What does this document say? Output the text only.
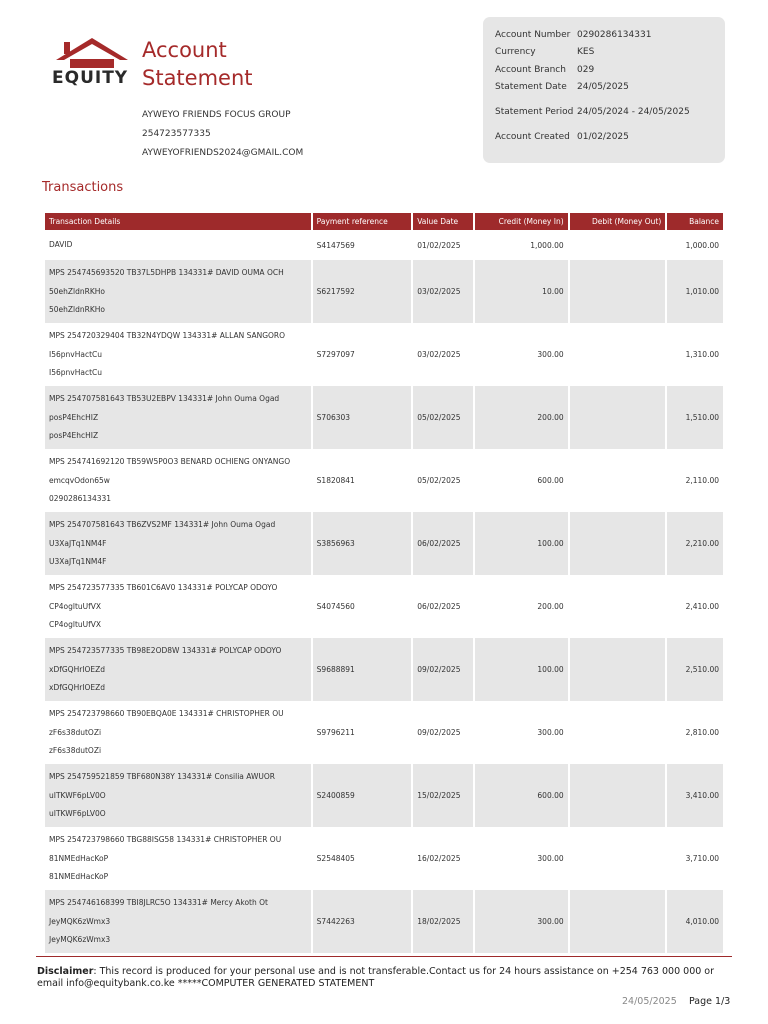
EQUITY
Account
Statement
AYWEYO FRIENDS FOCUS GROUP
254723577335
AYWEYOFRIENDS2024@GMAIL.COM
Account Number 0290286134331
Currency	KES
Account Branch	029
Statement Date	24/05/2025
Statement Period 24/05/2024 - 24/05/2025
Account Created 01/02/2025
Transactions
Transaction Details	Payment reference	Value Date	Credit (Money In)	Debit (Money Out)	Balance

DAVID	S4147569	01/02/2025	1,000.00		1,000.00

MPS 254745693520 TB37L5DHPB 134331# DAVID OUMA OCH
50ehZldnRKHo
50ehZldnRKHo	S6217592	03/02/2025	10.00		1,010.00

MPS 254720329404 TB32N4YDQW 134331# ALLAN SANGORO
I56pnvHactCu
I56pnvHactCu	S7297097	03/02/2025	300.00		1,310.00

MPS 254707581643 TB53U2EBPV 134331# John Ouma Ogad
posP4EhcHIZ
posP4EhcHIZ	S706303	05/02/2025	200.00		1,510.00

MPS 254741692120 TB59W5P0O3 BENARD OCHIENG ONYANGO
emcqvOdon65w
0290286134331	S1820841	05/02/2025	600.00		2,110.00

MPS 254707581643 TB6ZVS2MF 134331# John Ouma Ogad
U3XaJTq1NM4F
U3XaJTq1NM4F	S3856963	06/02/2025	100.00		2,210.00

MPS 254723577335 TB601C6AV0 134331# POLYCAP ODOYO
CP4ogltuUfVX
CP4ogltuUfVX	S4074560	06/02/2025	200.00		2,410.00

MPS 254723577335 TB98E2OD8W 134331# POLYCAP ODOYO
xDfGQHrIOEZd
xDfGQHrIOEZd	S9688891	09/02/2025	100.00		2,510.00

MPS 254723798660 TB90EBQA0E 134331# CHRISTOPHER OU
zF6s38dutOZi
zF6s38dutOZi	S9796211	09/02/2025	300.00		2,810.00

MPS 254759521859 TBF680N38Y 134331# Consilia AWUOR
uITKWF6pLV0O
uITKWF6pLV0O	S2400859	15/02/2025	600.00		3,410.00

MPS 254723798660 TBG88ISG58 134331# CHRISTOPHER OU
81NMEdHacKoP
81NMEdHacKoP	S2548405	16/02/2025	300.00		3,710.00

MPS 254746168399 TBI8JLRC5O 134331# Mercy Akoth Ot
JeyMQK6zWmx3
JeyMQK6zWmx3	S7442263	18/02/2025	300.00		4,010.00
Disclaimer: This record is produced for your personal use and is not transferable.Contact us for 24 hours assistance on +254 763 000 000 or email info@equitybank.co.ke *****COMPUTER GENERATED STATEMENT
24/05/2025 Page 1/3
